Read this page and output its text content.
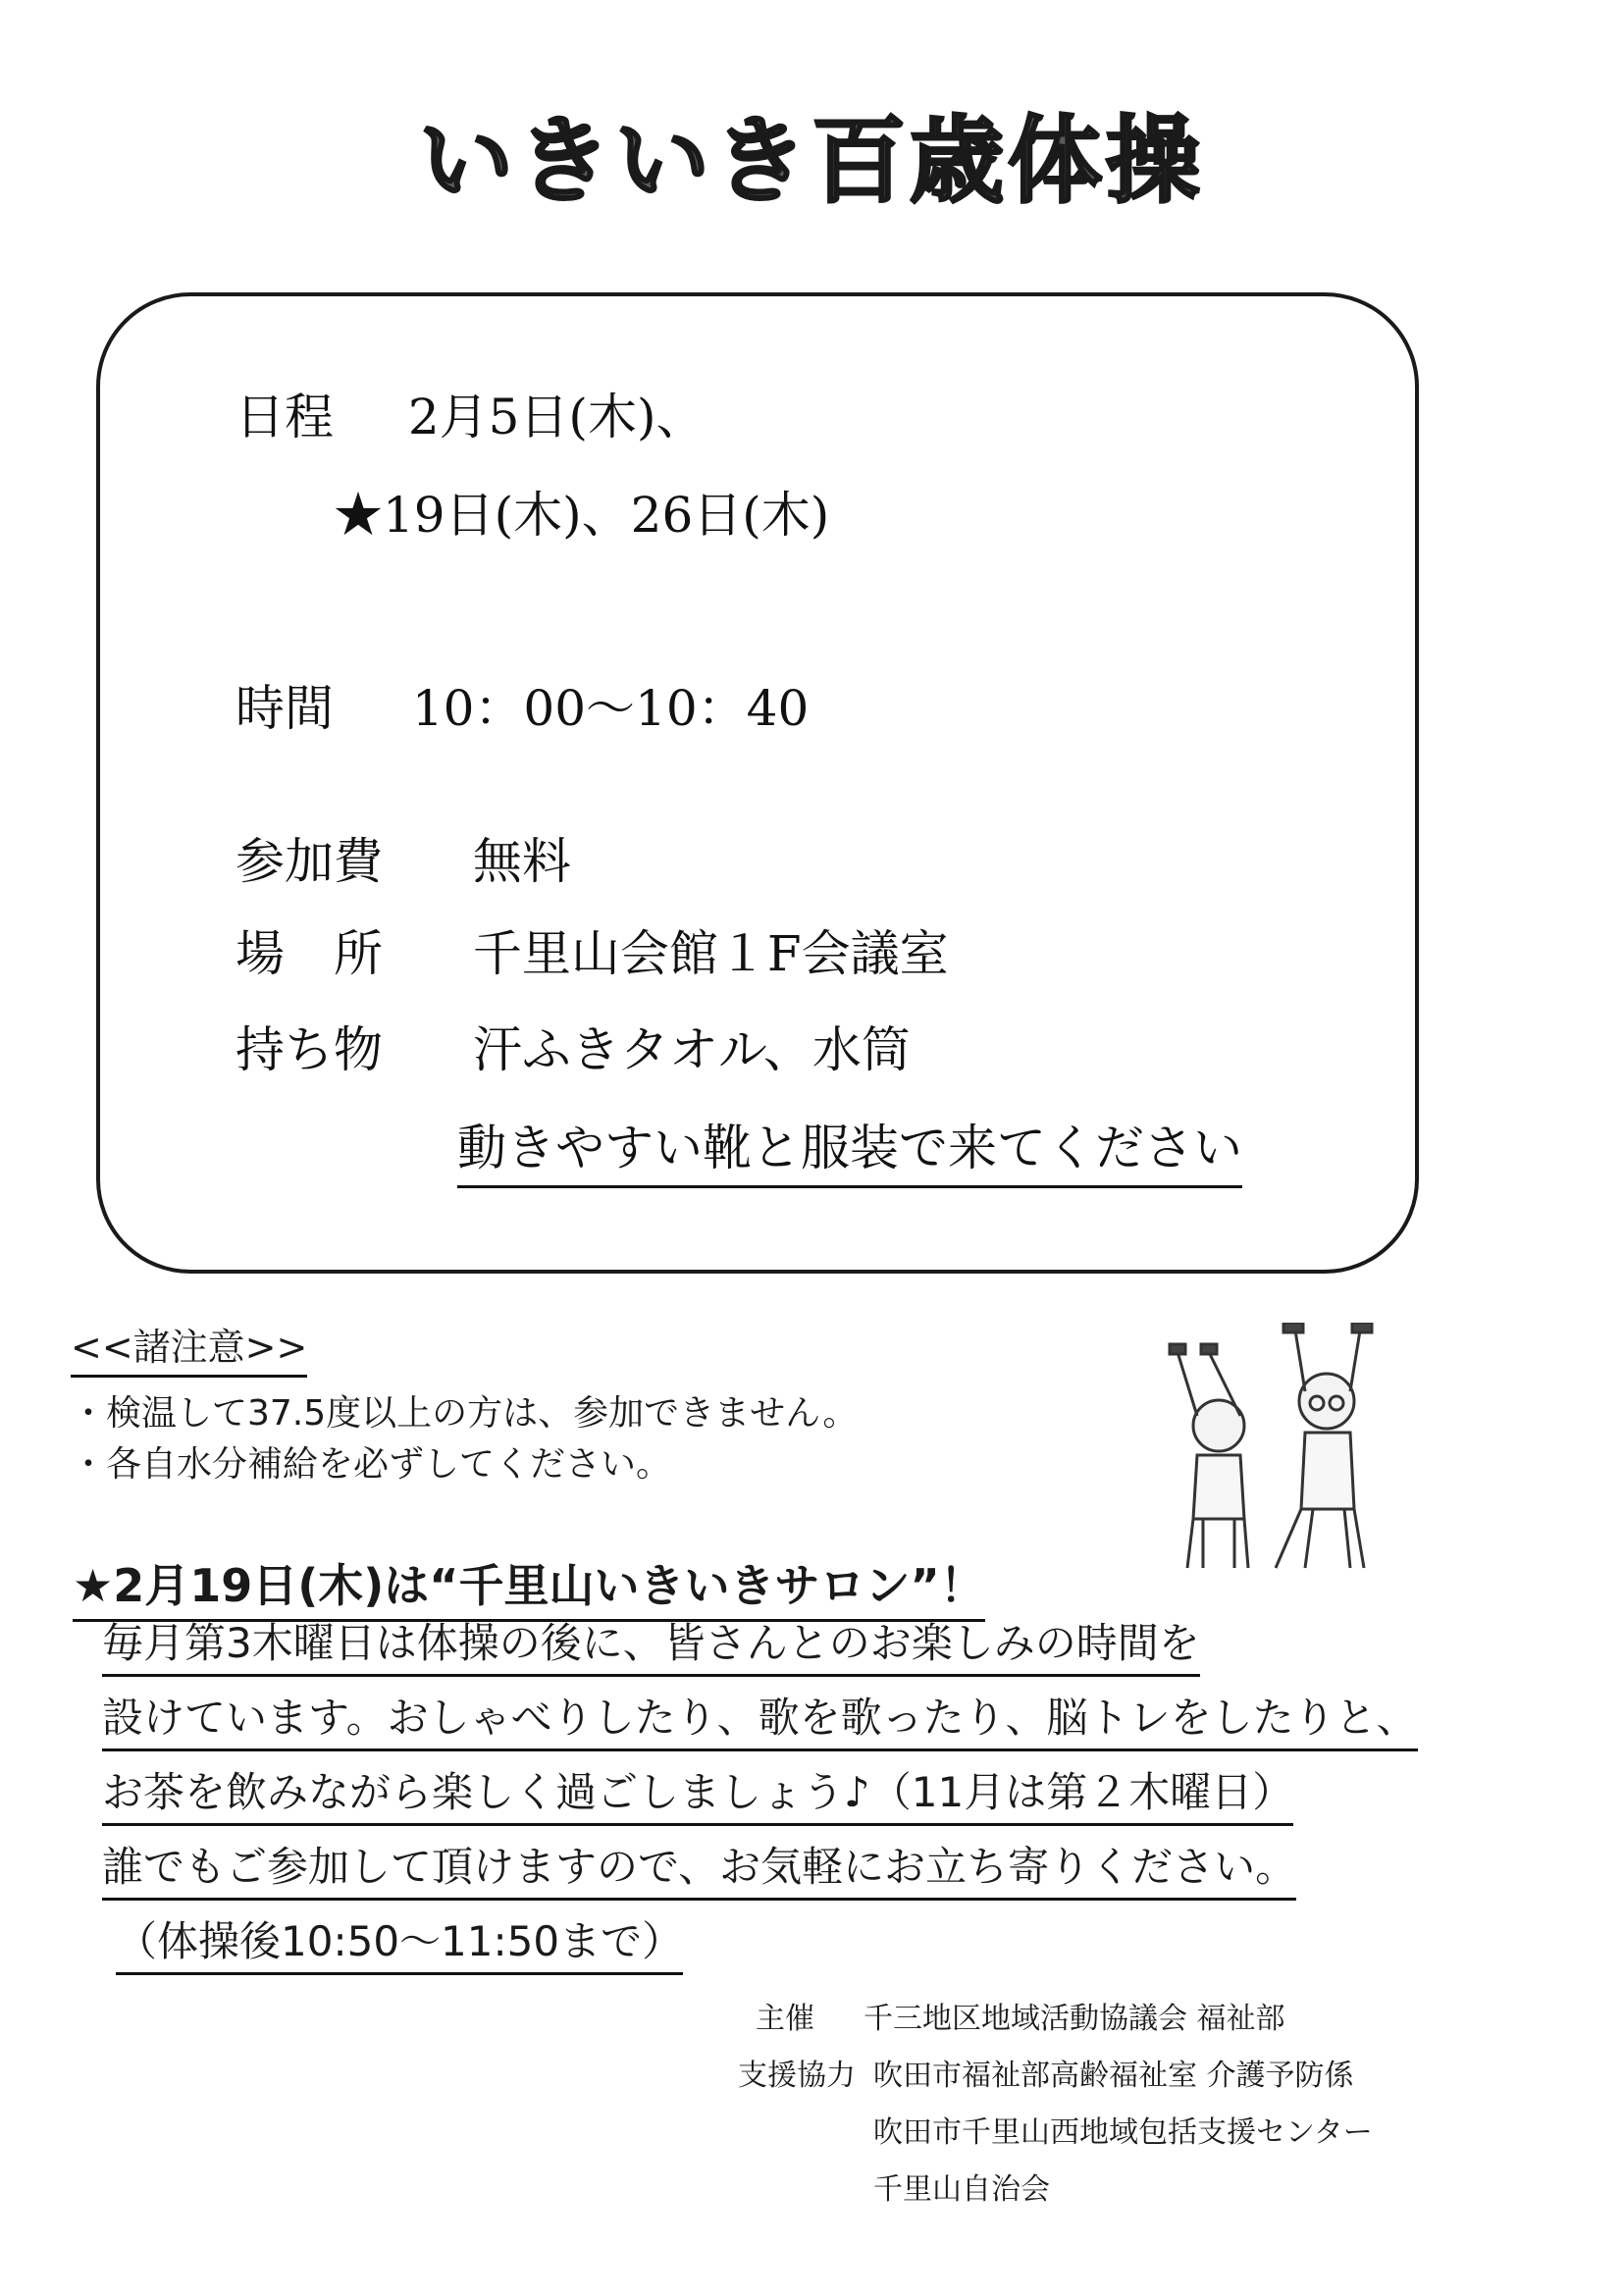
いきいき百歳体操
日程 2月5日(木)、
★19日(木)、26日(木)
時間 10：00～10：40
参加費 無料
場　所 千里山会館１F会議室
持ち物 汗ふきタオル、水筒
動きやすい靴と服装で来てください
<<諸注意>>
・検温して37.5度以上の方は、参加できません。
・各自水分補給を必ずしてください。
★2月19日(木)は“千里山いきいきサロン”！
毎月第3木曜日は体操の後に、皆さんとのお楽しみの時間を
設けています。おしゃべりしたり、歌を歌ったり、脳トレをしたりと、
お茶を飲みながら楽しく過ごしましょう♪（11月は第２木曜日）
誰でもご参加して頂けますので、お気軽にお立ち寄りください。
（体操後10:50～11:50まで）
主催 千三地区地域活動協議会 福祉部
支援協力 吹田市福祉部高齢福祉室 介護予防係
吹田市千里山西地域包括支援センター
千里山自治会
